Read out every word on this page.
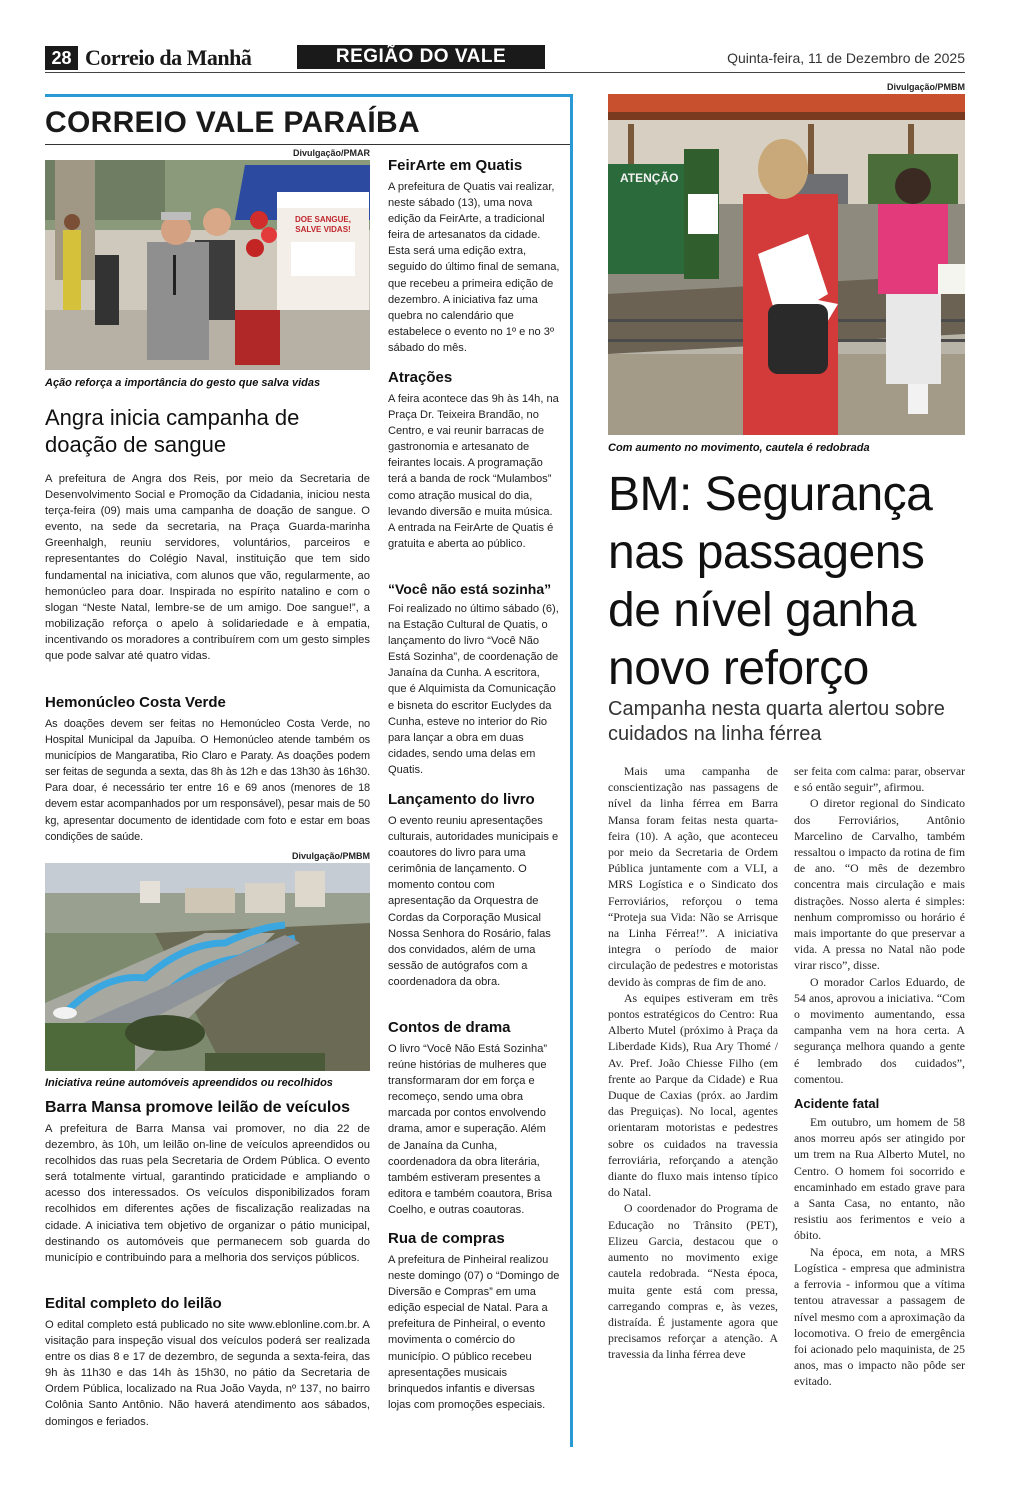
28 Correio da Manhã	REGIÃO DO VALE	Quinta-feira, 11 de Dezembro de 2025
CORREIO VALE PARAÍBA
Divulgação/PMAR
DOE SANGUE,
SALVE VIDAS!
Ação reforça a importância do gesto que salva vidas
Angra inicia campanha de doação de sangue
A prefeitura de Angra dos Reis, por meio da Secretaria de Desenvolvimento Social e Promoção da Cidadania, iniciou nesta terça-feira (09) mais uma campanha de doação de sangue. O evento, na sede da secretaria, na Praça Guarda-marinha Greenhalgh, reuniu servidores, voluntários, parceiros e representantes do Colégio Naval, instituição que tem sido fundamental na iniciativa, com alunos que vão, regularmente, ao hemonúcleo para doar. Inspirada no espírito natalino e com o slogan “Neste Natal, lembre-se de um amigo. Doe sangue!”, a mobilização reforça o apelo à solidariedade e à empatia, incentivando os moradores a contribuírem com um gesto simples que pode salvar até quatro vidas.
Hemonúcleo Costa Verde
As doações devem ser feitas no Hemonúcleo Costa Verde, no Hospital Municipal da Japuíba. O Hemonúcleo atende também os municípios de Mangaratiba, Rio Claro e Paraty. As doações podem ser feitas de segunda a sexta, das 8h às 12h e das 13h30 às 16h30. Para doar, é necessário ter entre 16 e 69 anos (menores de 18 devem estar acompanhados por um responsável), pesar mais de 50 kg, apresentar documento de identidade com foto e estar em boas condições de saúde.
Divulgação/PMBM
Iniciativa reúne automóveis apreendidos ou recolhidos
Barra Mansa promove leilão de veículos
A prefeitura de Barra Mansa vai promover, no dia 22 de dezembro, às 10h, um leilão on-line de veículos apreendidos ou recolhidos das ruas pela Secretaria de Ordem Pública. O evento será totalmente virtual, garantindo praticidade e ampliando o acesso dos interessados. Os veículos disponibilizados foram recolhidos em diferentes ações de fiscalização realizadas na cidade. A iniciativa tem objetivo de organizar o pátio municipal, destinando os automóveis que permanecem sob guarda do município e contribuindo para a melhoria dos serviços públicos.
Edital completo do leilão
O edital completo está publicado no site www.eblonline.com.br. A visitação para inspeção visual dos veículos poderá ser realizada entre os dias 8 e 17 de dezembro, de segunda a sexta-feira, das 9h às 11h30 e das 14h às 15h30, no pátio da Secretaria de Ordem Pública, localizado na Rua João Vayda, nº 137, no bairro Colônia Santo Antônio. Não haverá atendimento aos sábados, domingos e feriados.
FeirArte em Quatis
A prefeitura de Quatis vai realizar, neste sábado (13), uma nova edição da FeirArte, a tradicional feira de artesanatos da cidade. Esta será uma edição extra, seguido do último final de semana, que recebeu a primeira edição de dezembro. A iniciativa faz uma quebra no calendário que estabelece o evento no 1º e no 3º sábado do mês.
Atrações
A feira acontece das 9h às 14h, na Praça Dr. Teixeira Brandão, no Centro, e vai reunir barracas de gastronomia e artesanato de feirantes locais. A programação terá a banda de rock “Mulambos” como atração musical do dia, levando diversão e muita música. A entrada na FeirArte de Quatis é gratuita e aberta ao público.
“Você não está sozinha”
Foi realizado no último sábado (6), na Estação Cultural de Quatis, o lançamento do livro “Você Não Está Sozinha”, de coordenação de Janaína da Cunha. A escritora, que é Alquimista da Comunicação e bisneta do escritor Euclydes da Cunha, esteve no interior do Rio para lançar a obra em duas cidades, sendo uma delas em Quatis.
Lançamento do livro
O evento reuniu apresentações culturais, autoridades municipais e coautores do livro para uma cerimônia de lançamento. O momento contou com apresentação da Orquestra de Cordas da Corporação Musical Nossa Senhora do Rosário, falas dos convidados, além de uma sessão de autógrafos com a coordenadora da obra.
Contos de drama
O livro “Você Não Está Sozinha” reúne histórias de mulheres que transformaram dor em força e recomeço, sendo uma obra marcada por contos envolvendo drama, amor e superação. Além de Janaína da Cunha, coordenadora da obra literária, também estiveram presentes a editora e também coautora, Brisa Coelho, e outras coautoras.
Rua de compras
A prefeitura de Pinheiral realizou neste domingo (07) o “Domingo de Diversão e Compras” em uma edição especial de Natal. Para a prefeitura de Pinheiral, o evento movimenta o comércio do município. O público recebeu apresentações musicais brinquedos infantis e diversas lojas com promoções especiais.
Divulgação/PMBM
ATENÇÃO
Com aumento no movimento, cautela é redobrada
BM: Segurança nas passagens de nível ganha novo reforço
Campanha nesta quarta alertou sobre cuidados na linha férrea

Mais uma campanha de conscientização nas passagens de nível da linha férrea em Barra Mansa foram feitas nesta quarta-feira (10). A ação, que aconteceu por meio da Secretaria de Ordem Pública juntamente com a VLI, a MRS Logística e o Sindicato dos Ferroviários, reforçou o tema “Proteja sua Vida: Não se Arrisque na Linha Férrea!”. A iniciativa integra o período de maior circulação de pedestres e motoristas devido às compras de fim de ano.

As equipes estiveram em três pontos estratégicos do Centro: Rua Alberto Mutel (próximo à Praça da Liberdade Kids), Rua Ary Thomé / Av. Pref. João Chiesse Filho (em frente ao Parque da Cidade) e Rua Duque de Caxias (próx. ao Jardim das Preguiças). No local, agentes orientaram motoristas e pedestres sobre os cuidados na travessia ferroviária, reforçando a atenção diante do fluxo mais intenso típico do Natal.

O coordenador do Programa de Educação no Trânsito (PET), Elizeu Garcia, destacou que o aumento no movimento exige cautela redobrada. “Nesta época, muita gente está com pressa, carregando compras e, às vezes, distraída. É justamente agora que precisamos reforçar a atenção. A travessia da linha férrea deve

ser feita com calma: parar, observar e só então seguir”, afirmou.

O diretor regional do Sindicato dos Ferroviários, Antônio Marcelino de Carvalho, também ressaltou o impacto da rotina de fim de ano. “O mês de dezembro concentra mais circulação e mais distrações. Nosso alerta é simples: nenhum compromisso ou horário é mais importante do que preservar a vida. A pressa no Natal não pode virar risco”, disse.

O morador Carlos Eduardo, de 54 anos, aprovou a iniciativa. “Com o movimento aumentando, essa campanha vem na hora certa. A segurança melhora quando a gente é lembrado dos cuidados”, comentou.

Acidente fatal

Em outubro, um homem de 58 anos morreu após ser atingido por um trem na Rua Alberto Mutel, no Centro. O homem foi socorrido e encaminhado em estado grave para a Santa Casa, no entanto, não resistiu aos ferimentos e veio a óbito.

Na época, em nota, a MRS Logística - empresa que administra a ferrovia - informou que a vítima tentou atravessar a passagem de nível mesmo com a aproximação da locomotiva. O freio de emergência foi acionado pelo maquinista, de 25 anos, mas o impacto não pôde ser evitado.
